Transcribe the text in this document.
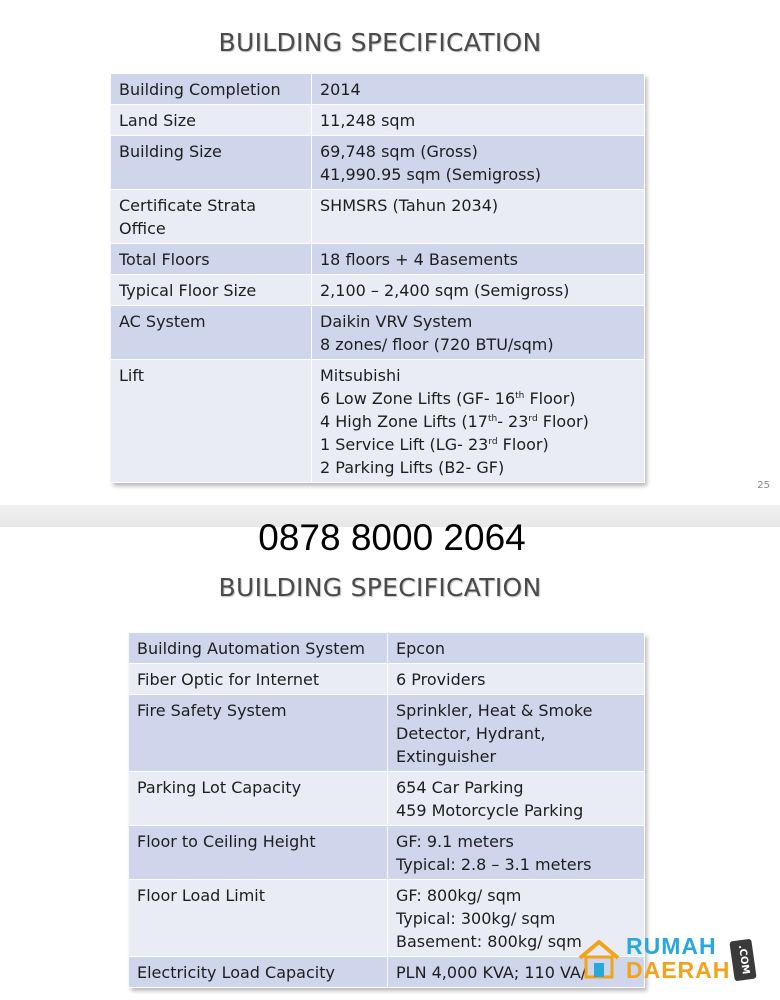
BUILDING SPECIFICATION
Building Completion	2014

Land Size	11,248 sqm

Building Size	69,748 sqm (Gross)
41,990.95 sqm (Semigross)

Certificate Strata Office	SHMSRS (Tahun 2034)

Total Floors	18 floors + 4 Basements

Typical Floor Size	2,100 – 2,400 sqm (Semigross)

AC System	Daikin VRV System
8 zones/ floor (720 BTU/sqm)

Lift	Mitsubishi
6 Low Zone Lifts (GF- 16th Floor)
4 High Zone Lifts (17th- 23rd Floor)
1 Service Lift (LG- 23rd Floor)
2 Parking Lifts (B2- GF)
25
0878 8000 2064
BUILDING SPECIFICATION
Building Automation System	Epcon

Fiber Optic for Internet	6 Providers

Fire Safety System	Sprinkler, Heat & Smoke
Detector, Hydrant,
Extinguisher

Parking Lot Capacity	654 Car Parking
459 Motorcycle Parking

Floor to Ceiling Height	GF: 9.1 meters
Typical: 2.8 – 3.1 meters

Floor Load Limit	GF: 800kg/ sqm
Typical: 300kg/ sqm
Basement: 800kg/ sqm

Electricity Load Capacity	PLN 4,000 KVA; 110 VA/
RUMAH
DAERAH .COM
